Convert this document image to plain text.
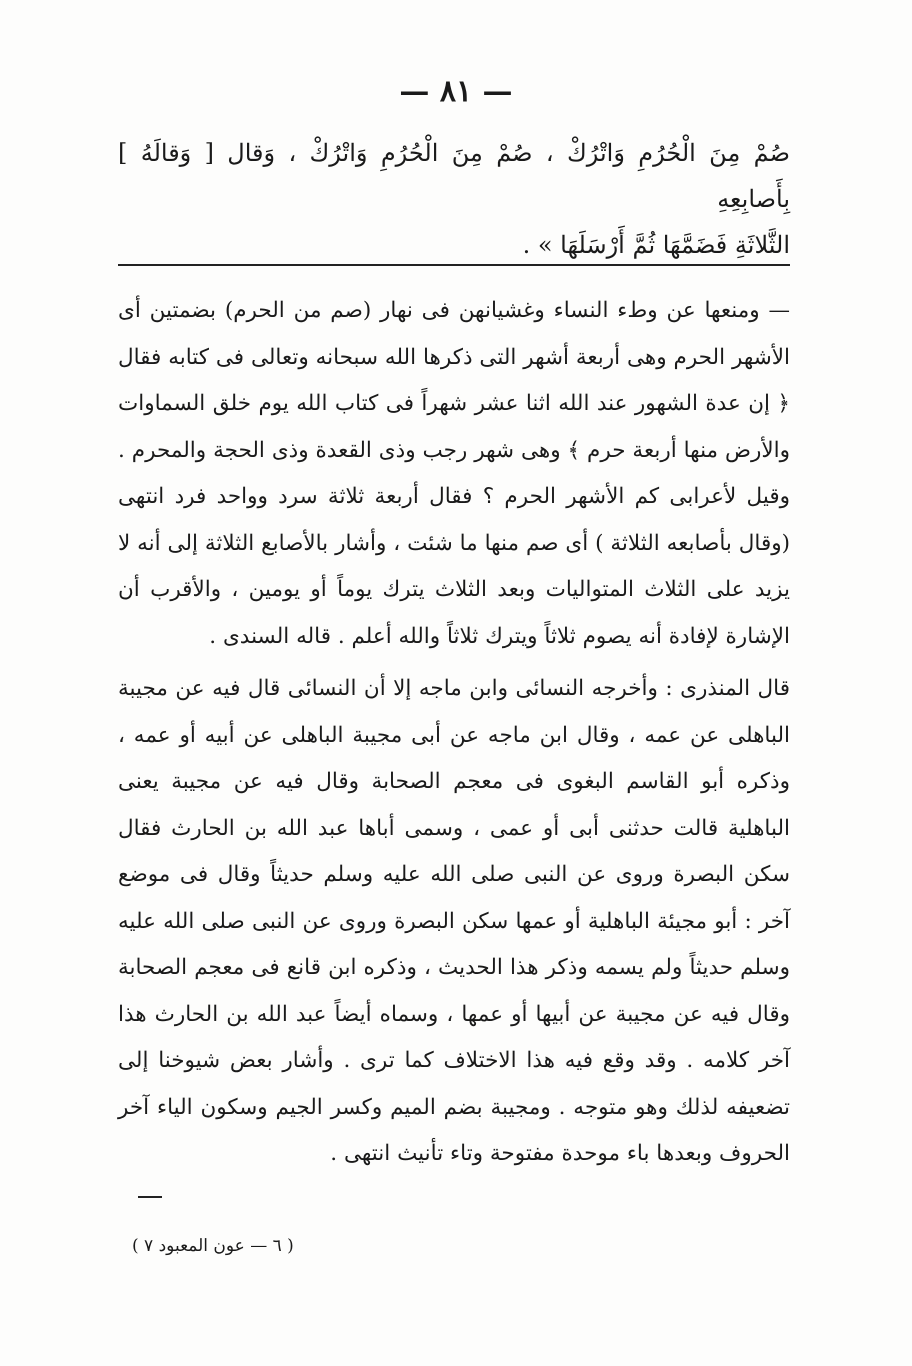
— ٨١ —

صُمْ مِنَ الْحُرُمِ وَاتْرُكْ ، صُمْ مِنَ الْحُرُمِ وَاتْرُكْ ، وَقال [ وَقالَهُ ] بِأَصابِعِهِ

الثَّلاثَةِ فَضَمَّهَا ثُمَّ أَرْسَلَهَا » .

— ومنعها عن وطء النساء وغشيانهن فى نهار (صم من الحرم) بضمتين أى الأشهر الحرم وهى أربعة أشهر التى ذكرها الله سبحانه وتعالى فى كتابه فقال ﴿ إن عدة الشهور عند الله اثنا عشر شهراً فى كتاب الله يوم خلق السماوات والأرض منها أربعة حرم ﴾ وهى شهر رجب وذى القعدة وذى الحجة والمحرم . وقيل لأعرابى كم الأشهر الحرم ؟ فقال أربعة ثلاثة سرد وواحد فرد انتهى (وقال بأصابعه الثلاثة ) أى صم منها ما شئت ، وأشار بالأصابع الثلاثة إلى أنه لا يزيد على الثلاث المتواليات وبعد الثلاث يترك يوماً أو يومين ، والأقرب أن الإشارة لإفادة أنه يصوم ثلاثاً ويترك ثلاثاً والله أعلم . قاله السندى .

قال المنذرى : وأخرجه النسائى وابن ماجه إلا أن النسائى قال فيه عن مجيبة الباهلى عن عمه ، وقال ابن ماجه عن أبى مجيبة الباهلى عن أبيه أو عمه ، وذكره أبو القاسم البغوى فى معجم الصحابة وقال فيه عن مجيبة يعنى الباهلية قالت حدثنى أبى أو عمى ، وسمى أباها عبد الله بن الحارث فقال سكن البصرة وروى عن النبى صلى الله عليه وسلم حديثاً وقال فى موضع آخر : أبو مجيئة الباهلية أو عمها سكن البصرة وروى عن النبى صلى الله عليه وسلم حديثاً ولم يسمه وذكر هذا الحديث ، وذكره ابن قانع فى معجم الصحابة وقال فيه عن مجيبة عن أبيها أو عمها ، وسماه أيضاً عبد الله بن الحارث هذا آخر كلامه . وقد وقع فيه هذا الاختلاف كما ترى . وأشار بعض شيوخنا إلى تضعيفه لذلك وهو متوجه . ومجيبة بضم الميم وكسر الجيم وسكون الياء آخر الحروف وبعدها باء موحدة مفتوحة وتاء تأنيث انتهى .

( ٦ — عون المعبود ٧ )
